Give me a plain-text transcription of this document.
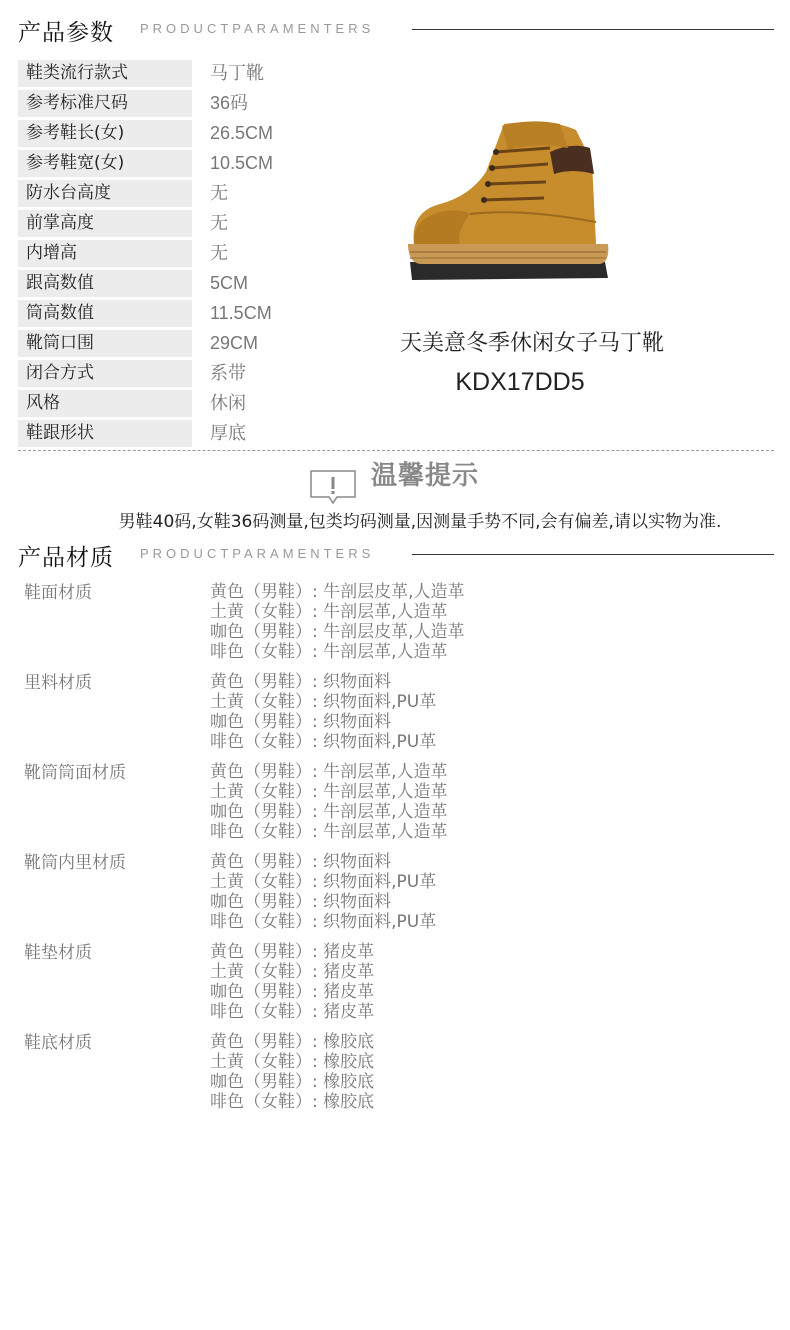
产品参数 PRODUCTPARAMENTERS
鞋类流行款式	马丁靴
参考标准尺码	36码
参考鞋长(女)	26.5CM
参考鞋宽(女)	10.5CM
防水台高度	无
前掌高度	无
内增高	无
跟高数值	5CM
筒高数值	11.5CM
靴筒口围	29CM
闭合方式	系带
风格	休闲
鞋跟形状	厚底
天美意冬季休闲女子马丁靴
KDX17DD5
温馨提示
男鞋40码,女鞋36码测量,包类均码测量,因测量手势不同,会有偏差,请以实物为准.
产品材质 PRODUCTPARAMENTERS
鞋面材质	黄色（男鞋）: 牛剖层皮革,人造革
土黄（女鞋）: 牛剖层革,人造革
咖色（男鞋）: 牛剖层皮革,人造革
啡色（女鞋）: 牛剖层革,人造革
里料材质	黄色（男鞋）: 织物面料
土黄（女鞋）: 织物面料,PU革
咖色（男鞋）: 织物面料
啡色（女鞋）: 织物面料,PU革
靴筒筒面材质	黄色（男鞋）: 牛剖层革,人造革
土黄（女鞋）: 牛剖层革,人造革
咖色（男鞋）: 牛剖层革,人造革
啡色（女鞋）: 牛剖层革,人造革
靴筒内里材质	黄色（男鞋）: 织物面料
土黄（女鞋）: 织物面料,PU革
咖色（男鞋）: 织物面料
啡色（女鞋）: 织物面料,PU革
鞋垫材质	黄色（男鞋）: 猪皮革
土黄（女鞋）: 猪皮革
咖色（男鞋）: 猪皮革
啡色（女鞋）: 猪皮革
鞋底材质	黄色（男鞋）: 橡胶底
土黄（女鞋）: 橡胶底
咖色（男鞋）: 橡胶底
啡色（女鞋）: 橡胶底
